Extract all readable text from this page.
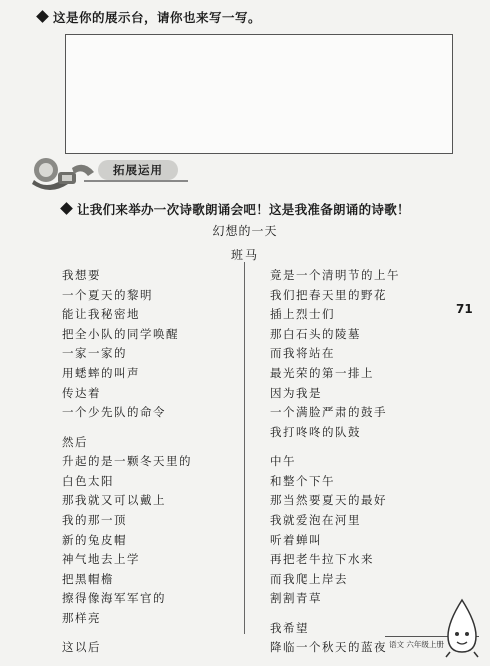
这是你的展示台，请你也来写一写。
拓展运用
让我们来举办一次诗歌朗诵会吧！这是我准备朗诵的诗歌！
幻想的一天
班马
我想要
一个夏天的黎明
能让我秘密地
把全小队的同学唤醒
一家一家的
用蟋蟀的叫声
传达着
一个少先队的命令
然后
升起的是一颗冬天里的
白色太阳
那我就又可以戴上
我的那一顶
新的兔皮帽
神气地去上学
把黑帽檐
擦得像海军军官的
那样亮
这以后
竟是一个清明节的上午
我们把春天里的野花
插上烈士们
那白石头的陵墓
而我将站在
最光荣的第一排上
因为我是
一个满脸严肃的鼓手
我打咚咚的队鼓
中午
和整个下午
那当然要夏天的最好
我就爱泡在河里
听着蝉叫
再把老牛拉下水来
而我爬上岸去
割割青草
我希望
降临一个秋天的蓝夜
71
语文 六年级上册
